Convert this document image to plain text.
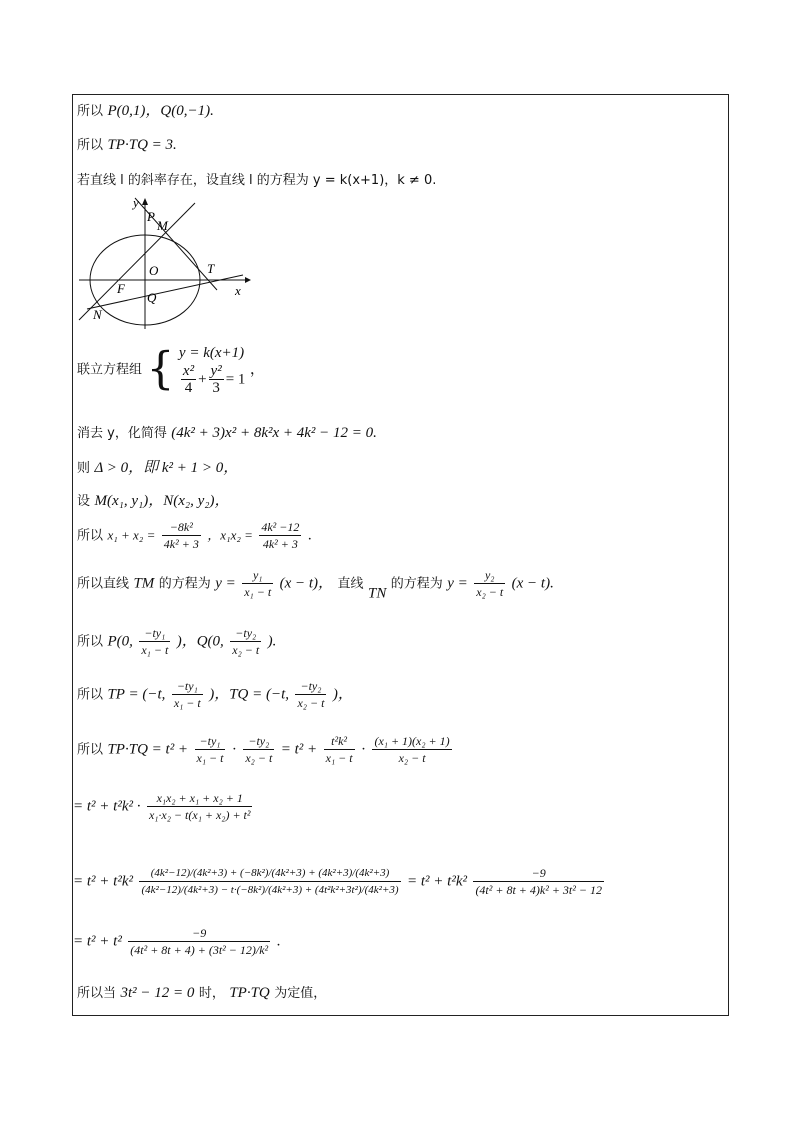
所以 P(0,1)，Q(0,−1).
所以 TP·TQ = 3.
若直线 l 的斜率存在，设直线 l 的方程为 y = k(x+1)，k ≠ 0.
y
x
P
M
O	T
F
Q
N
联立方程组 { y = k(x+1)
$\frac{\text{x²}}{4} + \frac{\text{y²}}{3} = 1$
，
消去 y，化简得 (4k² + 3)x² + 8k²x + 4k² − 12 = 0.
则 Δ > 0，即 k² + 1 > 0，
设 M(x₁, y₁)，N(x₂, y₂)，
所以 $x_1 + x_2 = \frac{\text{−8k²}}{\text{4k² + 3}}$ ，$x_1x_2 = \frac{\text{4k² −12}}{\text{4k² + 3}}$ .
所以直线 TM 的方程为 $y = \frac{\text{y₁}}{\text{x₁ − t}} (x - t)$， 直线 TN 的方程为 $y = \frac{\text{y₂}}{\text{x₂ − t}} (x - t)$.
所以 P(0, $\frac{\text{−ty₁}}{\text{x₁ − t}}$ )，Q(0, $\frac{\text{−ty₂}}{\text{x₂ − t}}$ ).
所以 TP = (−t, $\frac{\text{−ty₁}}{\text{x₁ − t}}$ )，TQ = (−t, $\frac{\text{−ty₂}}{\text{x₂ − t}}$ )，
所以 $TP\cdot TQ = t^2 + \frac{\text{−ty₁}}{\text{x₁ − t}} \cdot \frac{\text{−ty₂}}{\text{x₂ − t}} = t^2 + \frac{\text{t²k²}}{\text{x₁ − t}} \cdot \frac{\text{(x₁ + 1)(x₂ + 1)}}{\text{x₂ − t}}$
= $t^2 + t^2k^2 \cdot \frac{\text{x₁x₂ + x₁ + x₂ + 1}}{\text{x₁·x₂ − t(x₁ + x₂) + t²}}$
= $t^2 + t^2k^2 \frac{\text{(4k²−12)/(4k²+3) + (−8k²)/(4k²+3) + (4k²+3)/(4k²+3)}}{\text{(4k²−12)/(4k²+3) − t·(−8k²)/(4k²+3) + (4t²k²+3t²)/(4k²+3)}} = t^2 + t^2k^2 \frac{-9}{\text{(4t² + 8t + 4)k² + 3t² − 12}}$
= $t^2 + t^2 \frac{-9}{\text{(4t² + 8t + 4) + (3t² − 12)/k²}}$ .
所以当 3t² − 12 = 0 时， TP·TQ 为定值，
